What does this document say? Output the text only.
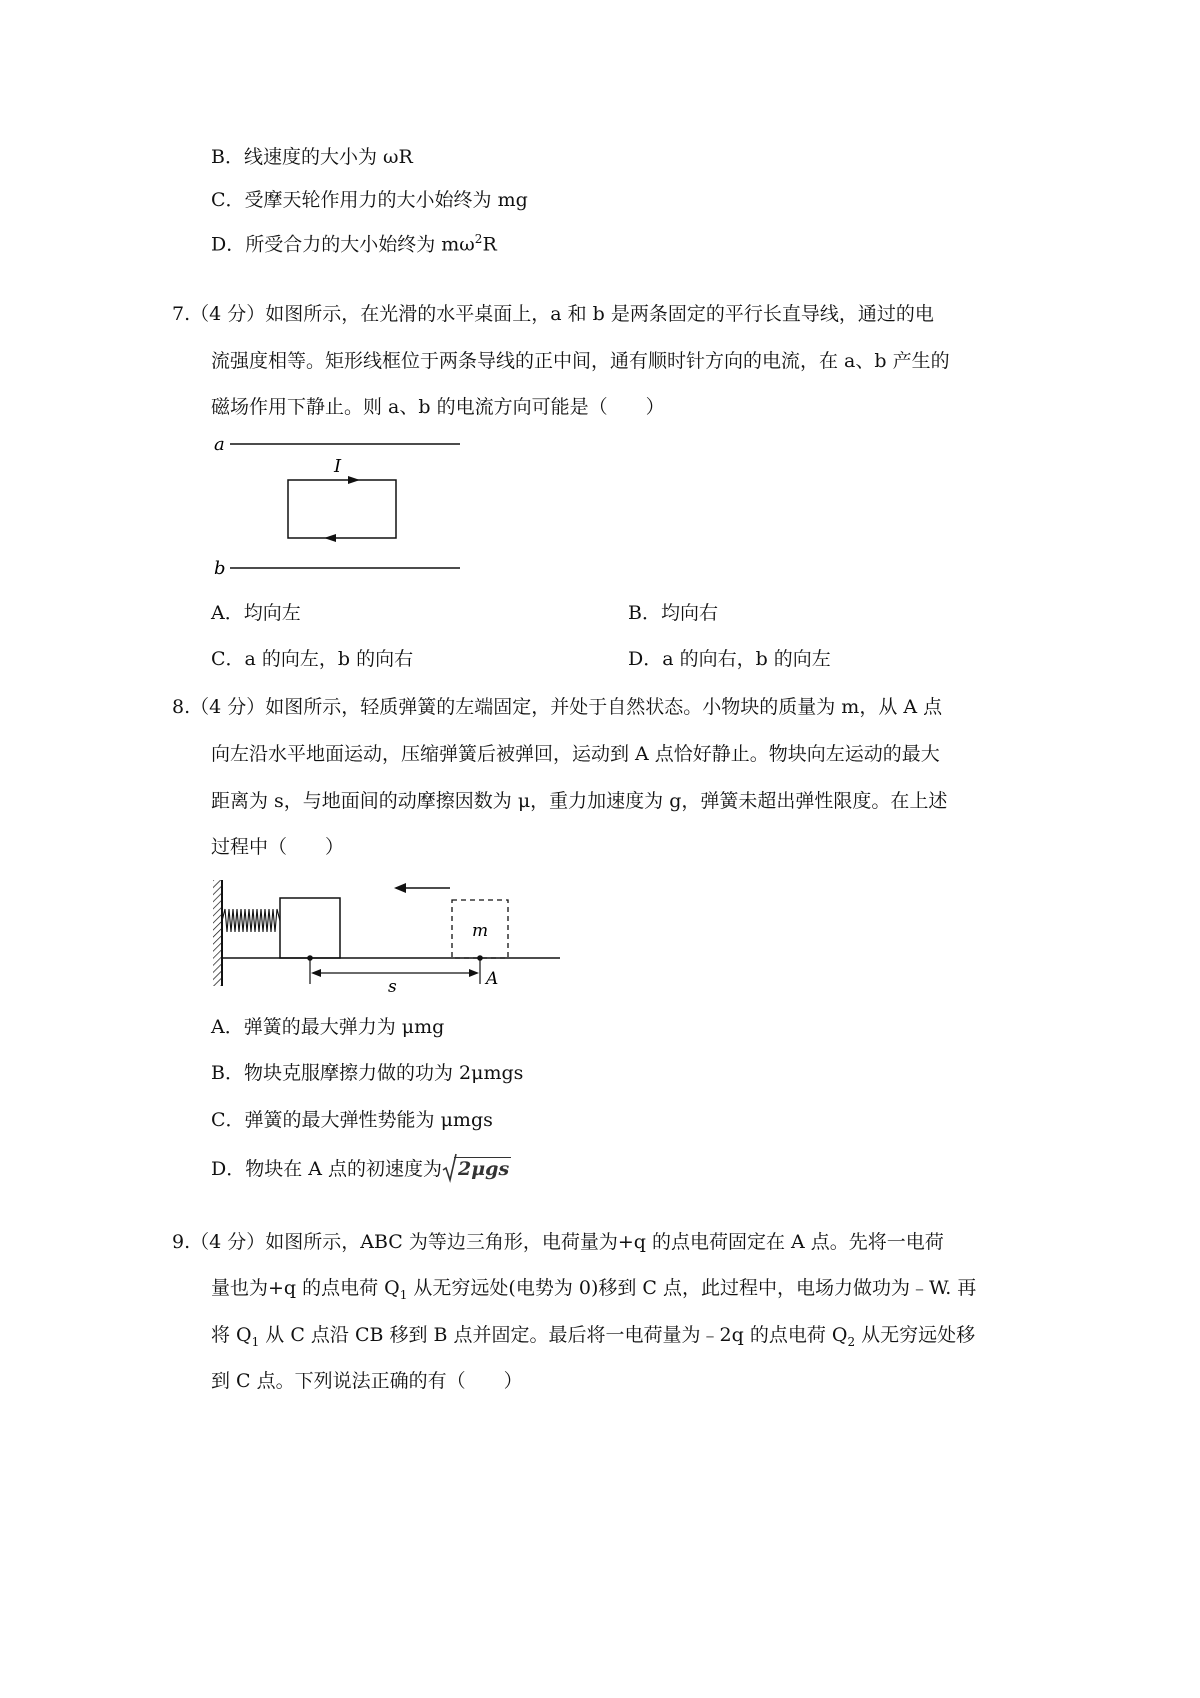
B．线速度的大小为 ωR
C．受摩天轮作用力的大小始终为 mg
D．所受合力的大小始终为 $m\omega^2R$
7.（4 分）如图所示，在光滑的水平桌面上，a 和 b 是两条固定的平行长直导线，通过的电
流强度相等。矩形线框位于两条导线的正中间，通有顺时针方向的电流，在 a、b 产生的
磁场作用下静止。则 a、b 的电流方向可能是（　　）
a
b
I
A．均向左	B．均向右
C．a 的向左，b 的向右	D．a 的向右，b 的向左
8.（4 分）如图所示，轻质弹簧的左端固定，并处于自然状态。小物块的质量为 m，从 A 点
向左沿水平地面运动，压缩弹簧后被弹回，运动到 A 点恰好静止。物块向左运动的最大
距离为 s，与地面间的动摩擦因数为 μ，重力加速度为 g，弹簧未超出弹性限度。在上述
过程中（　　）
m
s	A
A．弹簧的最大弹力为 μmg
B．物块克服摩擦力做的功为 2μmgs
C．弹簧的最大弹性势能为 μmgs
D．物块在 A 点的初速度为 2μgs
9.（4 分）如图所示，ABC 为等边三角形，电荷量为+q 的点电荷固定在 A 点。先将一电荷
量也为+q 的点电荷 $Q_1$ 从无穷远处(电势为 0)移到 C 点，此过程中，电场力做功为﹣W. 再
将 $Q_1$ 从 C 点沿 CB 移到 B 点并固定。最后将一电荷量为﹣2q 的点电荷 $Q_2$ 从无穷远处移
到 C 点。下列说法正确的有（　　）
